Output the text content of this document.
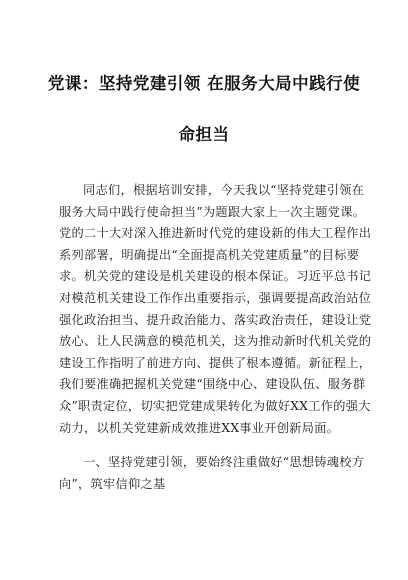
党课：坚持党建引领 在服务大局中践行使
命担当
同志们，根据培训安排，今天我以“坚持党建引领在
服务大局中践行使命担当”为题跟大家上一次主题党课。
党的二十大对深入推进新时代党的建设新的伟大工程作出
系列部署，明确提出“全面提高机关党建质量”的目标要
求。机关党的建设是机关建设的根本保证。习近平总书记
对模范机关建设工作作出重要指示，强调要提高政治站位
强化政治担当、提升政治能力、落实政治责任，建设让党
放心、让人民满意的模范机关，这为推动新时代机关党的
建设工作指明了前进方向、提供了根本遵循。新征程上，
我们要准确把握机关党建“围绕中心、建设队伍、服务群
众”职责定位，切实把党建成果转化为做好XX工作的强大
动力，以机关党建新成效推进XX事业开创新局面。
一、坚持党建引领，要始终注重做好“思想铸魂校方
向”，筑牢信仰之基
